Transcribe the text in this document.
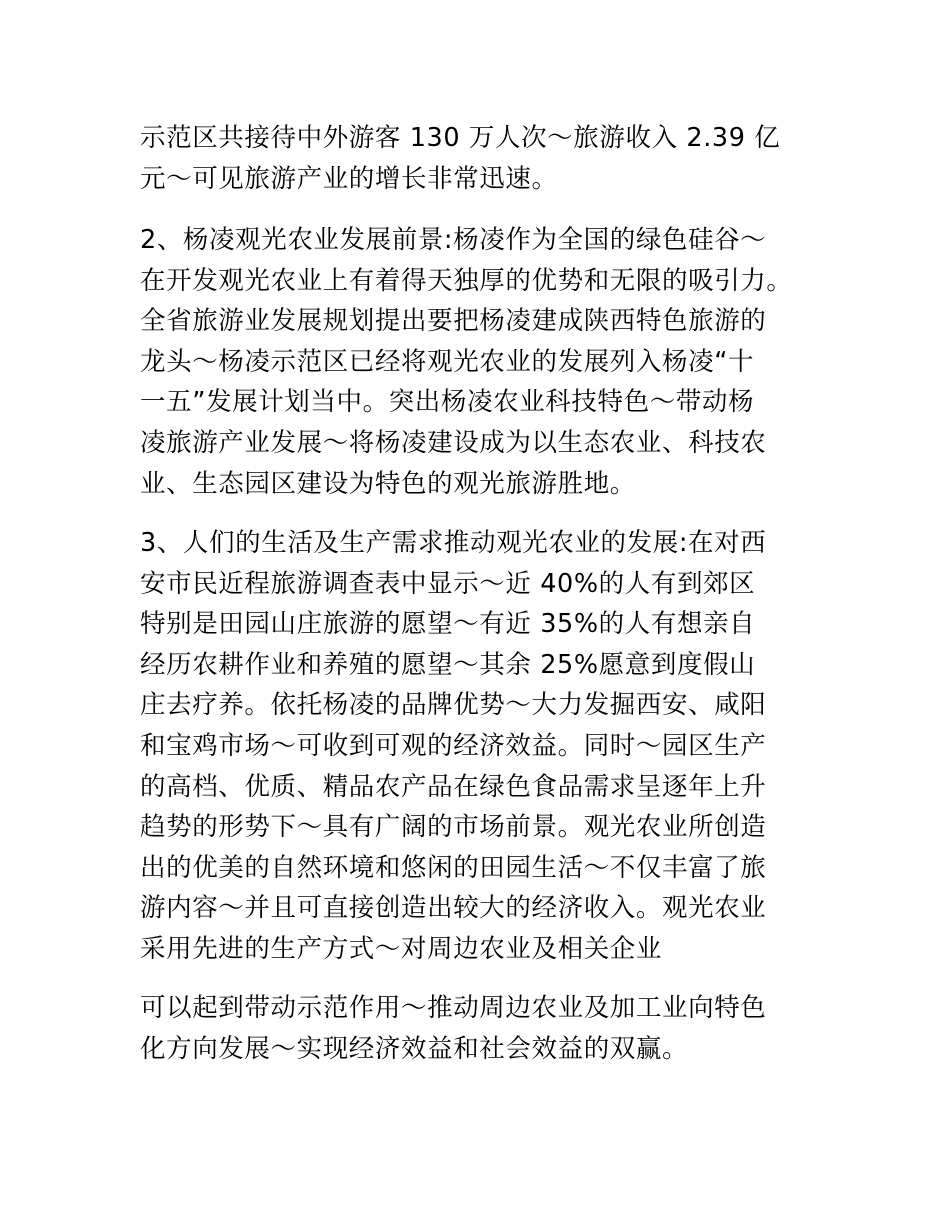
示范区共接待中外游客 130 万人次～旅游收入 2.39 亿
元～可见旅游产业的增长非常迅速。

2、杨凌观光农业发展前景:杨凌作为全国的绿色硅谷～
在开发观光农业上有着得天独厚的优势和无限的吸引力。
全省旅游业发展规划提出要把杨凌建成陕西特色旅游的
龙头～杨凌示范区已经将观光农业的发展列入杨凌“十
一五”发展计划当中。突出杨凌农业科技特色～带动杨
凌旅游产业发展～将杨凌建设成为以生态农业、科技农
业、生态园区建设为特色的观光旅游胜地。

3、人们的生活及生产需求推动观光农业的发展:在对西
安市民近程旅游调查表中显示～近 40%的人有到郊区
特别是田园山庄旅游的愿望～有近 35%的人有想亲自
经历农耕作业和养殖的愿望～其余 25%愿意到度假山
庄去疗养。依托杨凌的品牌优势～大力发掘西安、咸阳
和宝鸡市场～可收到可观的经济效益。同时～园区生产
的高档、优质、精品农产品在绿色食品需求呈逐年上升
趋势的形势下～具有广阔的市场前景。观光农业所创造
出的优美的自然环境和悠闲的田园生活～不仅丰富了旅
游内容～并且可直接创造出较大的经济收入。观光农业
采用先进的生产方式～对周边农业及相关企业

可以起到带动示范作用～推动周边农业及加工业向特色
化方向发展～实现经济效益和社会效益的双赢。
